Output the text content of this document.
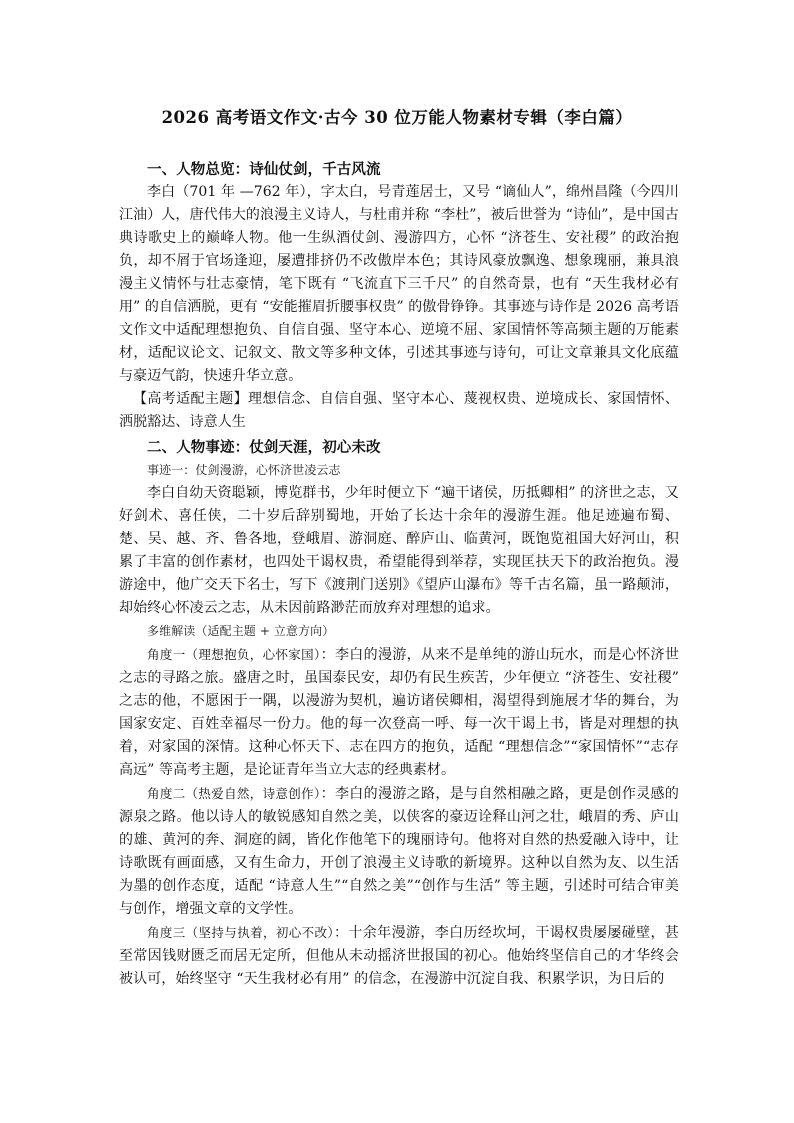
2026 高考语文作文·古今 30 位万能人物素材专辑（李白篇）

一、人物总览：诗仙仗剑，千古风流

李白（701 年 —762 年），字太白，号青莲居士，又号 “谪仙人”，绵州昌隆（今四川江油）人，唐代伟大的浪漫主义诗人，与杜甫并称 “李杜”，被后世誉为 “诗仙”，是中国古典诗歌史上的巅峰人物。他一生纵酒仗剑、漫游四方，心怀 “济苍生、安社稷” 的政治抱负，却不屑于官场逢迎，屡遭排挤仍不改傲岸本色；其诗风豪放飘逸、想象瑰丽，兼具浪漫主义情怀与壮志豪情，笔下既有 “飞流直下三千尺” 的自然奇景，也有 “天生我材必有用” 的自信洒脱，更有 “安能摧眉折腰事权贵” 的傲骨铮铮。其事迹与诗作是 2026 高考语文作文中适配理想抱负、自信自强、坚守本心、逆境不屈、家国情怀等高频主题的万能素材，适配议论文、记叙文、散文等多种文体，引述其事迹与诗句，可让文章兼具文化底蕴与豪迈气韵，快速升华立意。

【高考适配主题】理想信念、自信自强、坚守本心、蔑视权贵、逆境成长、家国情怀、洒脱豁达、诗意人生

二、人物事迹：仗剑天涯，初心未改

事迹一：仗剑漫游，心怀济世凌云志

李白自幼天资聪颖，博览群书，少年时便立下 “遍干诸侯，历抵卿相” 的济世之志，又好剑术、喜任侠，二十岁后辞别蜀地，开始了长达十余年的漫游生涯。他足迹遍布蜀、楚、吴、越、齐、鲁各地，登峨眉、游洞庭、醉庐山、临黄河，既饱览祖国大好河山，积累了丰富的创作素材，也四处干谒权贵，希望能得到举荐，实现匡扶天下的政治抱负。漫游途中，他广交天下名士，写下《渡荆门送别》《望庐山瀑布》等千古名篇，虽一路颠沛，却始终心怀凌云之志，从未因前路渺茫而放弃对理想的追求。

多维解读（适配主题 + 立意方向）

角度一（理想抱负，心怀家国）：李白的漫游，从来不是单纯的游山玩水，而是心怀济世之志的寻路之旅。盛唐之时，虽国泰民安，却仍有民生疾苦，少年便立 “济苍生、安社稷” 之志的他，不愿困于一隅，以漫游为契机，遍访诸侯卿相，渴望得到施展才华的舞台，为国家安定、百姓幸福尽一份力。他的每一次登高一呼、每一次干谒上书，皆是对理想的执着，对家国的深情。这种心怀天下、志在四方的抱负，适配 “理想信念”“家国情怀”“志存高远” 等高考主题，是论证青年当立大志的经典素材。

角度二（热爱自然，诗意创作）：李白的漫游之路，是与自然相融之路，更是创作灵感的源泉之路。他以诗人的敏锐感知自然之美，以侠客的豪迈诠释山河之壮，峨眉的秀、庐山的雄、黄河的奔、洞庭的阔，皆化作他笔下的瑰丽诗句。他将对自然的热爱融入诗中，让诗歌既有画面感，又有生命力，开创了浪漫主义诗歌的新境界。这种以自然为友、以生活为墨的创作态度，适配 “诗意人生”“自然之美”“创作与生活” 等主题，引述时可结合审美与创作，增强文章的文学性。

角度三（坚持与执着，初心不改）：十余年漫游，李白历经坎坷，干谒权贵屡屡碰壁，甚至常因钱财匮乏而居无定所，但他从未动摇济世报国的初心。他始终坚信自己的才华终会被认可，始终坚守 “天生我材必有用” 的信念，在漫游中沉淀自我、积累学识，为日后的
